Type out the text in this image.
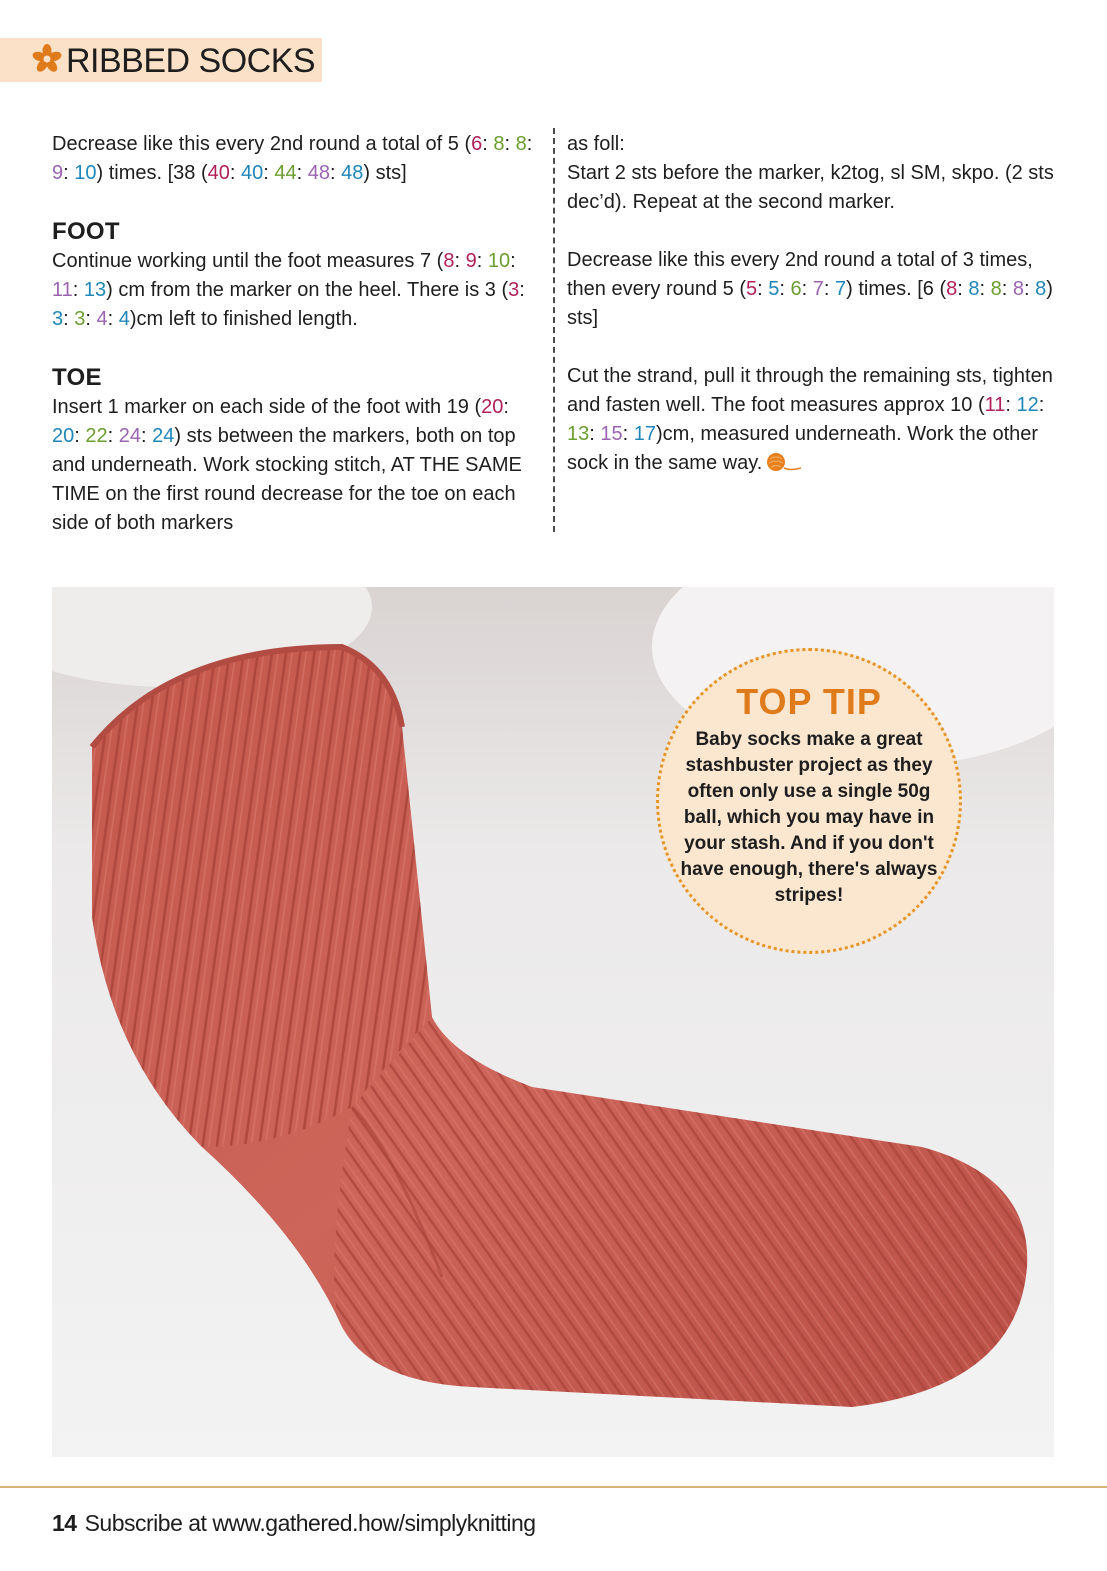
RIBBED SOCKS

Decrease like this every 2nd round a total of 5 (6: 8: 8: 9: 10) times. [38 (40: 40: 44: 48: 48) sts]

FOOT

Continue working until the foot measures 7 (8: 9: 10: 11: 13) cm from the marker on the heel. There is 3 (3: 3: 3: 4: 4)cm left to finished length.

TOE

Insert 1 marker on each side of the foot with 19 (20: 20: 22: 24: 24) sts between the markers, both on top and underneath. Work stocking stitch, AT THE SAME TIME on the first round decrease for the toe on each side of both markers

as foll:

Start 2 sts before the marker, k2tog, sl SM, skpo. (2 sts dec’d). Repeat at the second marker.

Decrease like this every 2nd round a total of 3 times, then every round 5 (5: 5: 6: 7: 7) times. [6 (8: 8: 8: 8: 8) sts]

Cut the strand, pull it through the remaining sts, tighten and fasten well. The foot measures approx 10 (11: 12: 13: 15: 17)cm, measured underneath. Work the other sock in the same way.

TOP TIP
Baby socks make a great stashbuster project as they often only use a single 50g ball, which you may have in your stash. And if you don't have enough, there's always stripes!
14 Subscribe at www.gathered.how/simplyknitting
